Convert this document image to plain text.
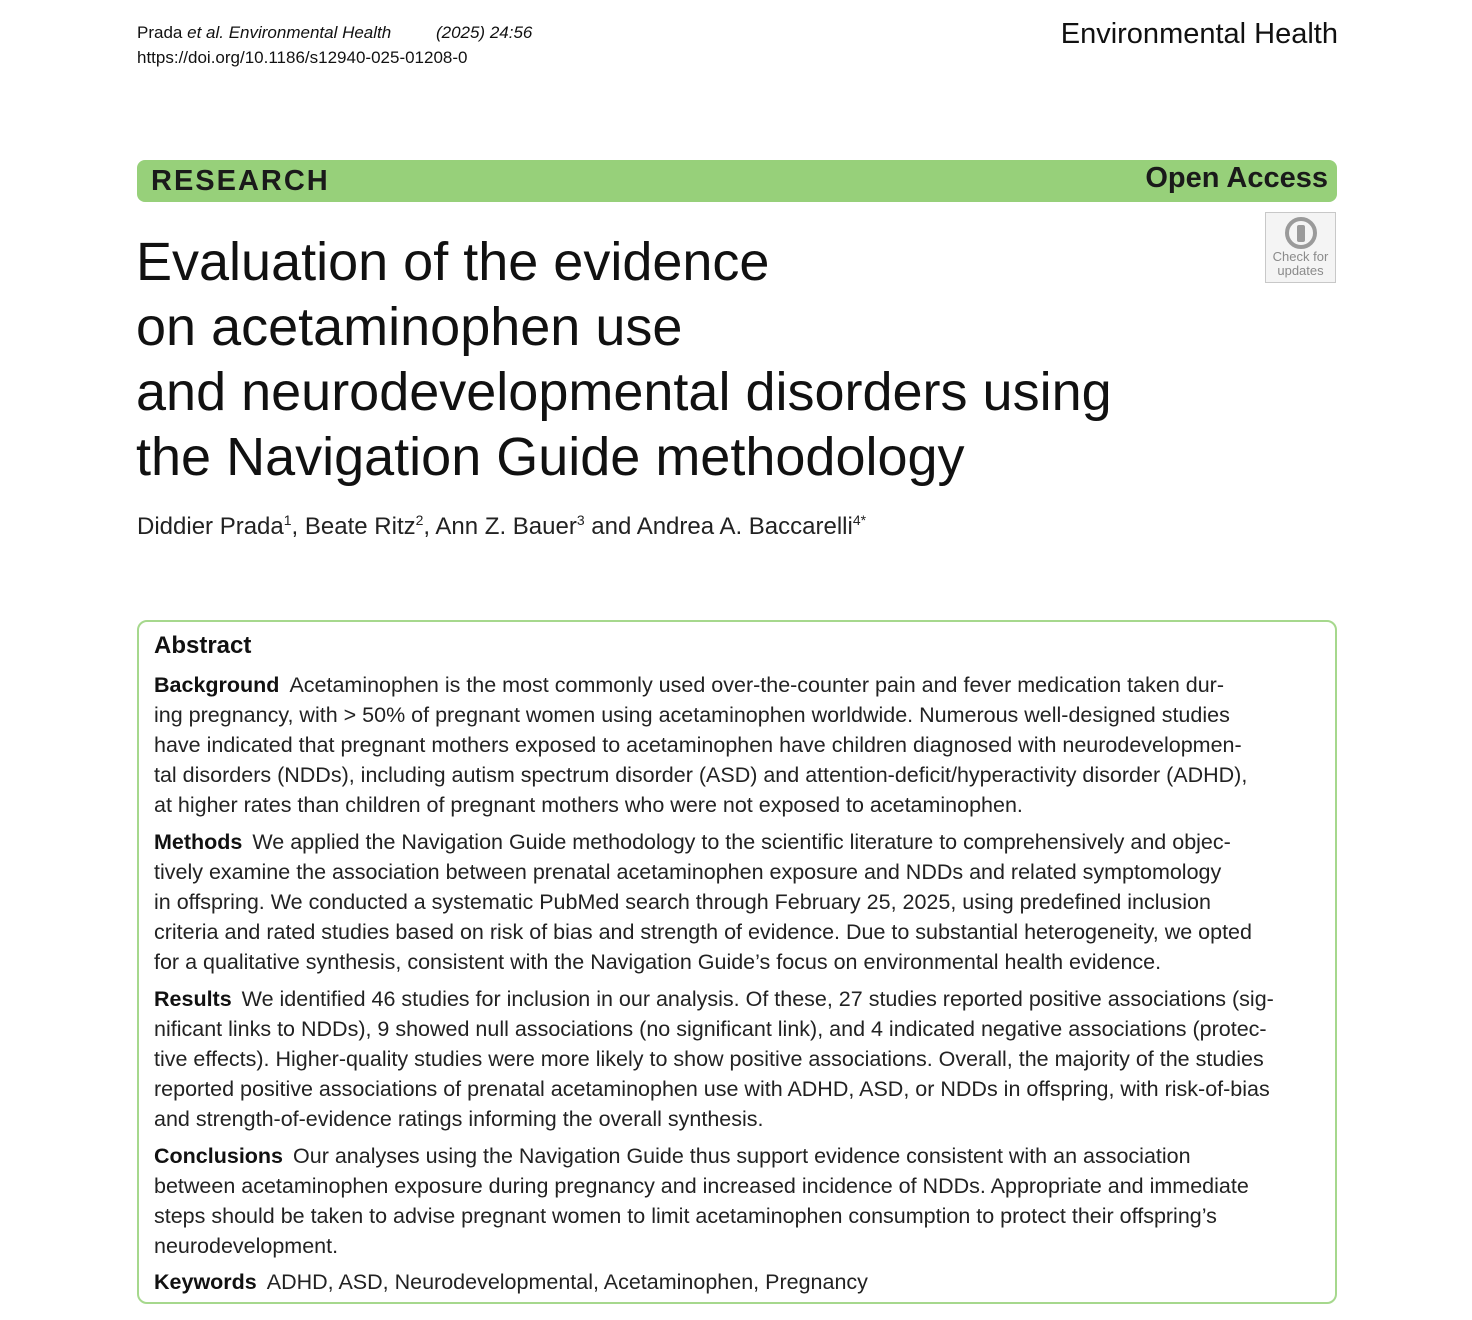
Prada et al. Environmental Health	(2025) 24:56
https://doi.org/10.1186/s12940-025-01208-0
Environmental Health
RESEARCH	Open Access
Check for
updates
Evaluation of the evidence
on acetaminophen use
and neurodevelopmental disorders using
the Navigation Guide methodology
Diddier Prada$^1$, Beate Ritz$^2$, Ann Z. Bauer$^3$ and Andrea A. Baccarelli$^{4*}$
Abstract

Background Acetaminophen is the most commonly used over-the-counter pain and fever medication taken dur-
ing pregnancy, with > 50% of pregnant women using acetaminophen worldwide. Numerous well-designed studies
have indicated that pregnant mothers exposed to acetaminophen have children diagnosed with neurodevelopmen-
tal disorders (NDDs), including autism spectrum disorder (ASD) and attention-deficit/hyperactivity disorder (ADHD),
at higher rates than children of pregnant mothers who were not exposed to acetaminophen.

Methods We applied the Navigation Guide methodology to the scientific literature to comprehensively and objec-
tively examine the association between prenatal acetaminophen exposure and NDDs and related symptomology
in offspring. We conducted a systematic PubMed search through February 25, 2025, using predefined inclusion
criteria and rated studies based on risk of bias and strength of evidence. Due to substantial heterogeneity, we opted
for a qualitative synthesis, consistent with the Navigation Guide’s focus on environmental health evidence.

Results We identified 46 studies for inclusion in our analysis. Of these, 27 studies reported positive associations (sig-
nificant links to NDDs), 9 showed null associations (no significant link), and 4 indicated negative associations (protec-
tive effects). Higher-quality studies were more likely to show positive associations. Overall, the majority of the studies
reported positive associations of prenatal acetaminophen use with ADHD, ASD, or NDDs in offspring, with risk-of-bias
and strength-of-evidence ratings informing the overall synthesis.

Conclusions Our analyses using the Navigation Guide thus support evidence consistent with an association
between acetaminophen exposure during pregnancy and increased incidence of NDDs. Appropriate and immediate
steps should be taken to advise pregnant women to limit acetaminophen consumption to protect their offspring’s
neurodevelopment.

Keywords ADHD, ASD, Neurodevelopmental, Acetaminophen, Pregnancy
